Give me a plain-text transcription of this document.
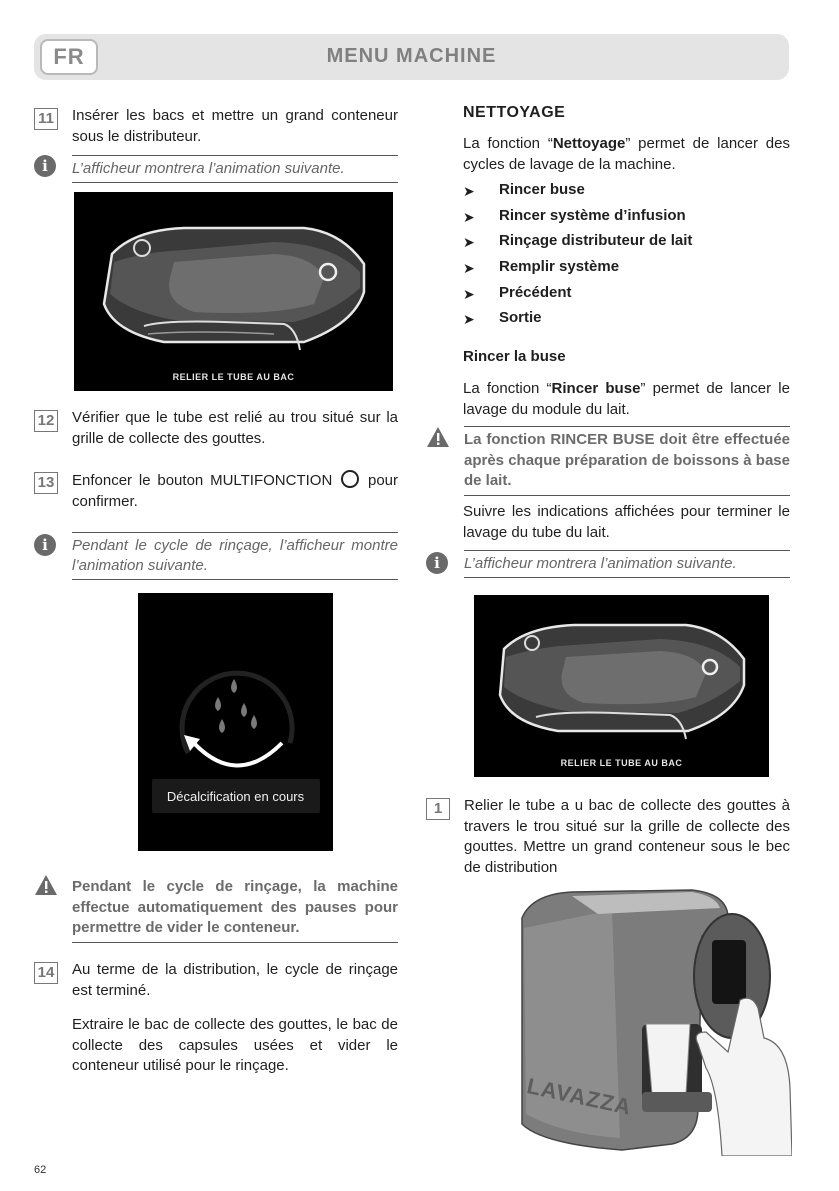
FR	MENU MACHINE
11 Insérer les bacs et mettre un grand conteneur sous le distributeur.

i	L’afficheur montrera l’animation suivante.

RELIER LE TUBE AU BAC
12 Vérifier que le tube est relié au trou situé sur la grille de collecte des gouttes.

13 Enfoncer le bouton MULTIFONCTION pour confirmer.

i	Pendant le cycle de rinçage, l’afficheur montre l’animation suivante.

Décalcification en cours

Pendant le cycle de rinçage, la machine effectue automatiquement des pauses pour permettre de vider le conteneur.

14 Au terme de la distribution, le cycle de rinçage est terminé.

Extraire le bac de collecte des gouttes, le bac de collecte des capsules usées et vider le conteneur utilisé pour le rinçage.

NETTOYAGE

La fonction “Nettoyage” permet de lancer des cycles de lavage de la machine.

➤ Rincer buse
➤ Rincer système d’infusion
➤ Rinçage distributeur de lait
➤ Remplir système
➤ Précédent
➤ Sortie

Rincer la buse

La fonction “Rincer buse” permet de lancer le lavage du module du lait.

La fonction RINCER BUSE doit être effectuée après chaque préparation de boissons à base de lait.

Suivre les indications affichées pour terminer le lavage du tube du lait.

i	L’afficheur montrera l’animation suivante.

RELIER LE TUBE AU BAC
1	Relier le tube a u bac de collecte des gouttes à travers le trou situé sur la grille de collecte des gouttes. Mettre un grand conteneur sous le bec de distribution

LAVAZZA
62
